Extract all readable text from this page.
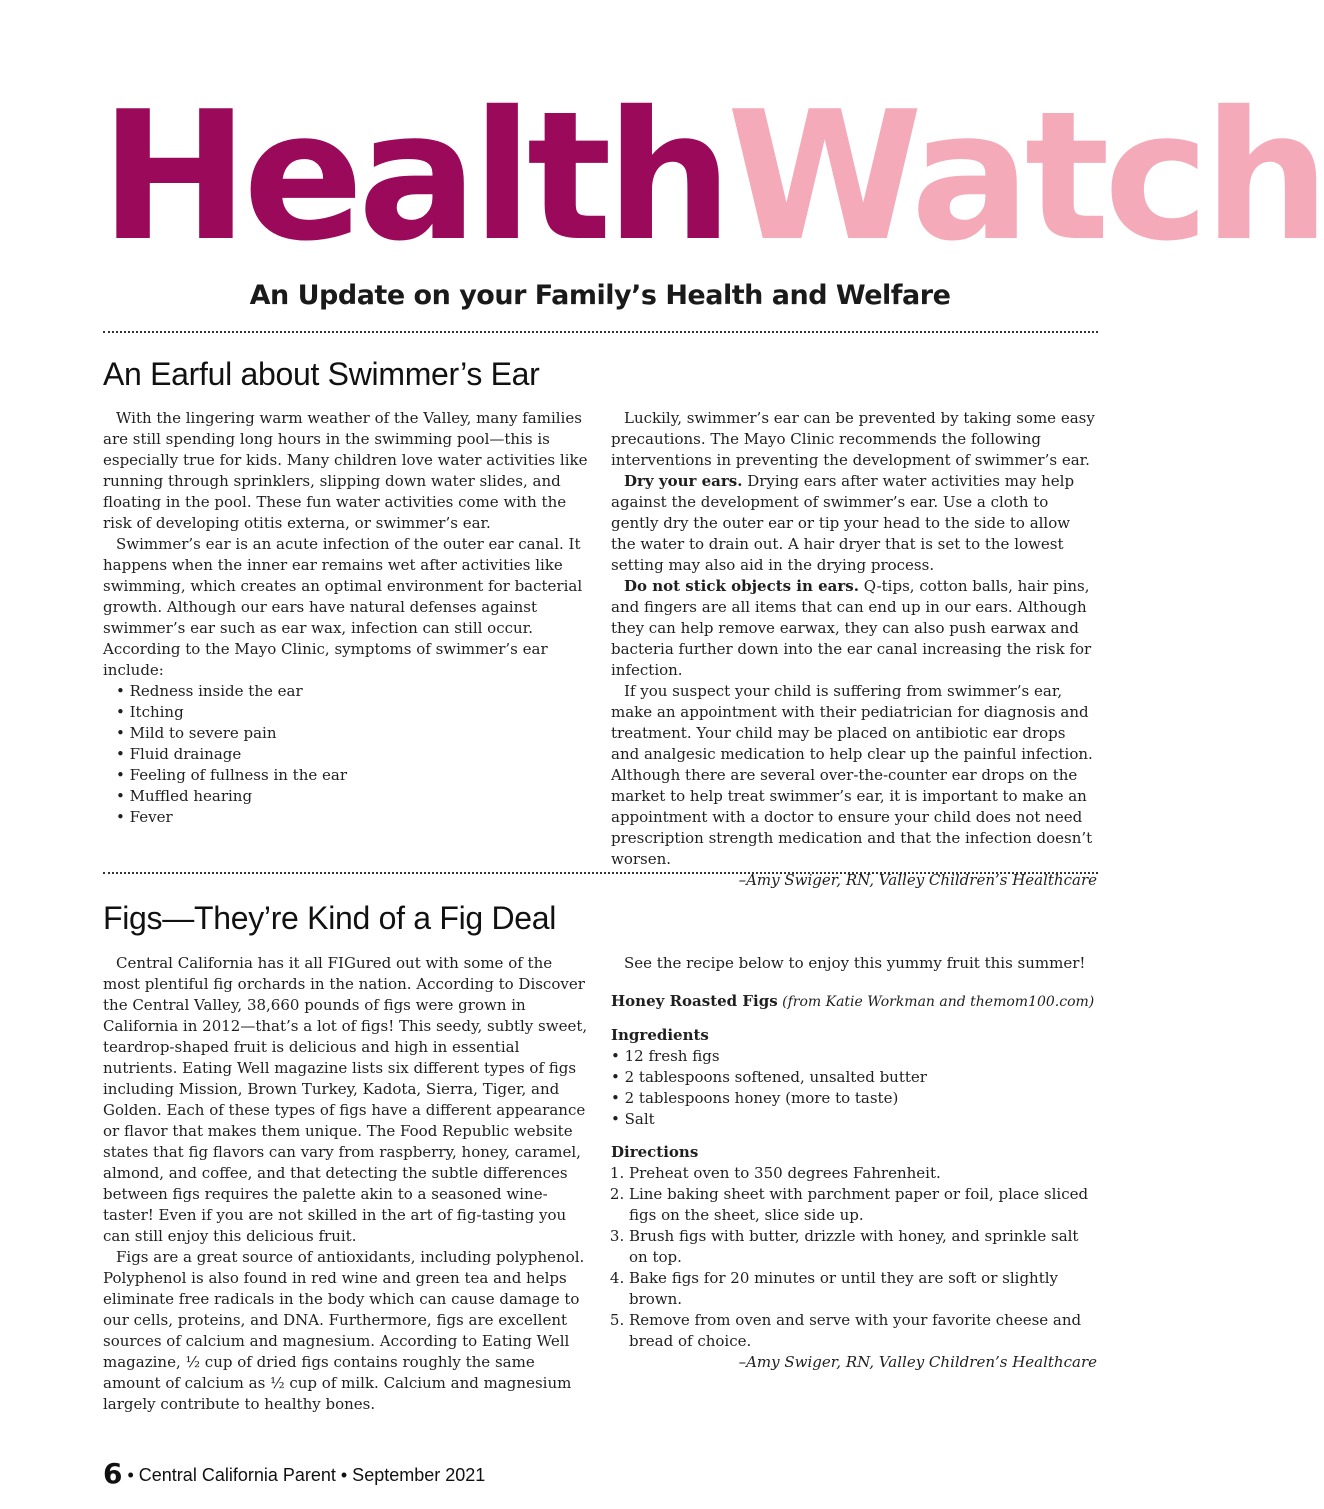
HealthWatch
An Update on your Family’s Health and Welfare
An Earful about Swimmer’s Ear

With the lingering warm weather of the Valley, many families are still spending long hours in the swimming pool—this is especially true for kids. Many children love water activities like running through sprinklers, slipping down water slides, and floating in the pool. These fun water activities come with the risk of developing otitis externa, or swimmer’s ear.

Swimmer’s ear is an acute infection of the outer ear canal. It happens when the inner ear remains wet after activities like swimming, which creates an optimal environment for bacterial growth. Although our ears have natural defenses against swimmer’s ear such as ear wax, infection can still occur. According to the Mayo Clinic, symptoms of swimmer’s ear include:

• Redness inside the ear
• Itching
• Mild to severe pain
• Fluid drainage
• Feeling of fullness in the ear
• Muffled hearing
• Fever

Luckily, swimmer’s ear can be prevented by taking some easy precautions. The Mayo Clinic recommends the following interventions in preventing the development of swimmer’s ear.

Dry your ears. Drying ears after water activities may help against the development of swimmer’s ear. Use a cloth to gently dry the outer ear or tip your head to the side to allow the water to drain out. A hair dryer that is set to the lowest setting may also aid in the drying process.

Do not stick objects in ears. Q-tips, cotton balls, hair pins, and fingers are all items that can end up in our ears. Although they can help remove earwax, they can also push earwax and bacteria further down into the ear canal increasing the risk for infection.

If you suspect your child is suffering from swimmer’s ear, make an appointment with their pediatrician for diagnosis and treatment. Your child may be placed on antibiotic ear drops and analgesic medication to help clear up the painful infection. Although there are several over-the-counter ear drops on the market to help treat swimmer’s ear, it is important to make an appointment with a doctor to ensure your child does not need prescription strength medication and that the infection doesn’t worsen.

–Amy Swiger, RN, Valley Children’s Healthcare

Figs—They’re Kind of a Fig Deal

Central California has it all FIGured out with some of the most plentiful fig orchards in the nation. According to Discover the Central Valley, 38,660 pounds of figs were grown in California in 2012—that’s a lot of figs! This seedy, subtly sweet, teardrop-shaped fruit is delicious and high in essential nutrients. Eating Well magazine lists six different types of figs including Mission, Brown Turkey, Kadota, Sierra, Tiger, and Golden. Each of these types of figs have a different appearance or flavor that makes them unique. The Food Republic website states that fig flavors can vary from raspberry, honey, caramel, almond, and coffee, and that detecting the subtle differences between figs requires the palette akin to a seasoned wine-taster! Even if you are not skilled in the art of fig-tasting you can still enjoy this delicious fruit.

Figs are a great source of antioxidants, including polyphenol. Polyphenol is also found in red wine and green tea and helps eliminate free radicals in the body which can cause damage to our cells, proteins, and DNA. Furthermore, figs are excellent sources of calcium and magnesium. According to Eating Well magazine, ½ cup of dried figs contains roughly the same amount of calcium as ½ cup of milk. Calcium and magnesium largely contribute to healthy bones.

See the recipe below to enjoy this yummy fruit this summer!

Honey Roasted Figs (from Katie Workman and themom100.com)

Ingredients

• 12 fresh figs
• 2 tablespoons softened, unsalted butter
• 2 tablespoons honey (more to taste)
• Salt

Directions

1. Preheat oven to 350 degrees Fahrenheit.
2. Line baking sheet with parchment paper or foil, place sliced figs on the sheet, slice side up.
3. Brush figs with butter, drizzle with honey, and sprinkle salt on top.
4. Bake figs for 20 minutes or until they are soft or slightly brown.
5. Remove from oven and serve with your favorite cheese and bread of choice.

–Amy Swiger, RN, Valley Children’s Healthcare

6 • Central California Parent • September 2021
